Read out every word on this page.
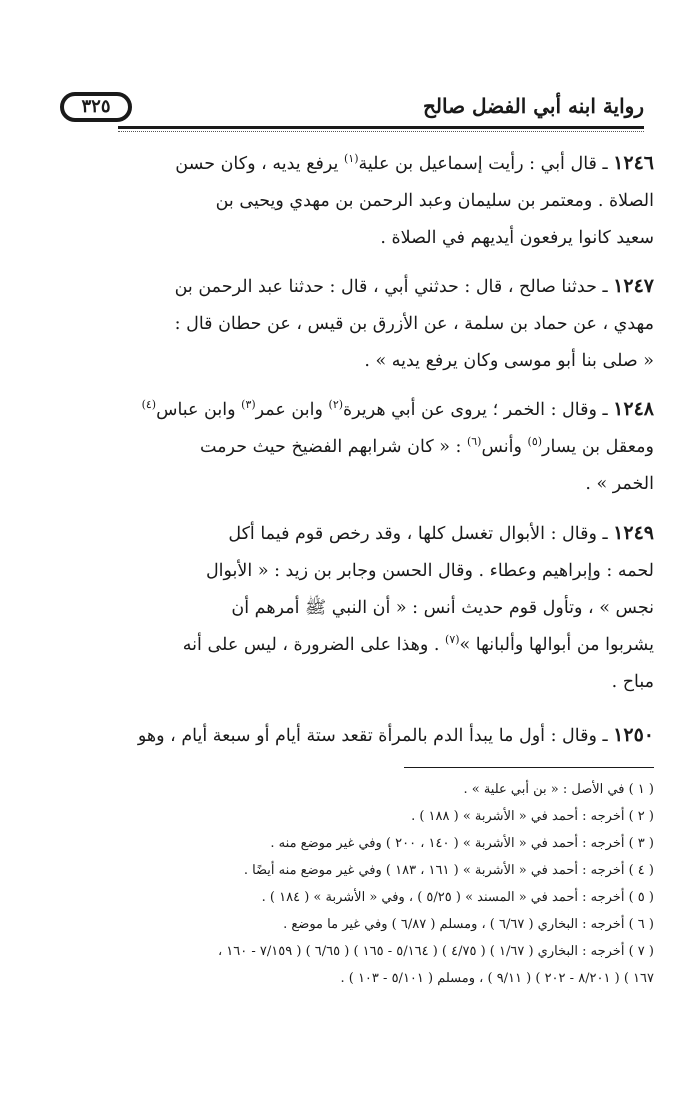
رواية ابنه أبي الفضل صالح
٣٢٥
١٢٤٦ ـ قال أبي : رأيت إسماعيل بن علية$^{(١)}$ يرفع يديه ، وكان حسن
الصلاة . ومعتمر بن سليمان وعبد الرحمن بن مهدي ويحيى بن
سعيد كانوا يرفعون أيديهم في الصلاة .
١٢٤٧ ـ حدثنا صالح ، قال : حدثني أبي ، قال : حدثنا عبد الرحمن بن
مهدي ، عن حماد بن سلمة ، عن الأزرق بن قيس ، عن حطان قال :
« صلى بنا أبو موسى وكان يرفع يديه » .
١٢٤٨ ـ وقال : الخمر ؛ يروى عن أبي هريرة$^{(٢)}$ وابن عمر$^{(٣)}$ وابن عباس$^{(٤)}$
ومعقل بن يسار$^{(٥)}$ وأنس$^{(٦)}$ : « كان شرابهم الفضيخ حيث حرمت
الخمر » .
١٢٤٩ ـ وقال : الأبوال تغسل كلها ، وقد رخص قوم فيما أكل
لحمه : وإبراهيم وعطاء . وقال الحسن وجابر بن زيد : « الأبوال
نجس » ، وتأول قوم حديث أنس : « أن النبي ﷺ أمرهم أن
يشربوا من أبوالها وألبانها »$^{(٧)}$ . وهذا على الضرورة ، ليس على أنه
مباح .
١٢٥٠ ـ وقال : أول ما يبدأ الدم بالمرأة تقعد ستة أيام أو سبعة أيام ، وهو
( ١ ) في الأصل : « بن أبي علية » .
( ٢ ) أخرجه : أحمد في « الأشربة » ( ١٨٨ ) .
( ٣ ) أخرجه : أحمد في « الأشربة » ( ١٤٠ ، ٢٠٠ ) وفي غير موضع منه .
( ٤ ) أخرجه : أحمد في « الأشربة » ( ١٦١ ، ١٨٣ ) وفي غير موضع منه أيضًا .
( ٥ ) أخرجه : أحمد في « المسند » ( ٥/٢٥ ) ، وفي « الأشربة » ( ١٨٤ ) .
( ٦ ) أخرجه : البخاري ( ٦/٦٧ ) ، ومسلم ( ٦/٨٧ ) وفي غير ما موضع .
( ٧ ) أخرجه : البخاري ( ١/٦٧ ) ( ٤/٧٥ ) ( ٥/١٦٤ - ١٦٥ ) ( ٦/٦٥ ) ( ٧/١٥٩ - ١٦٠ ،
١٦٧ ) ( ٨/٢٠١ - ٢٠٢ ) ( ٩/١١ ) ، ومسلم ( ٥/١٠١ - ١٠٣ ) .
